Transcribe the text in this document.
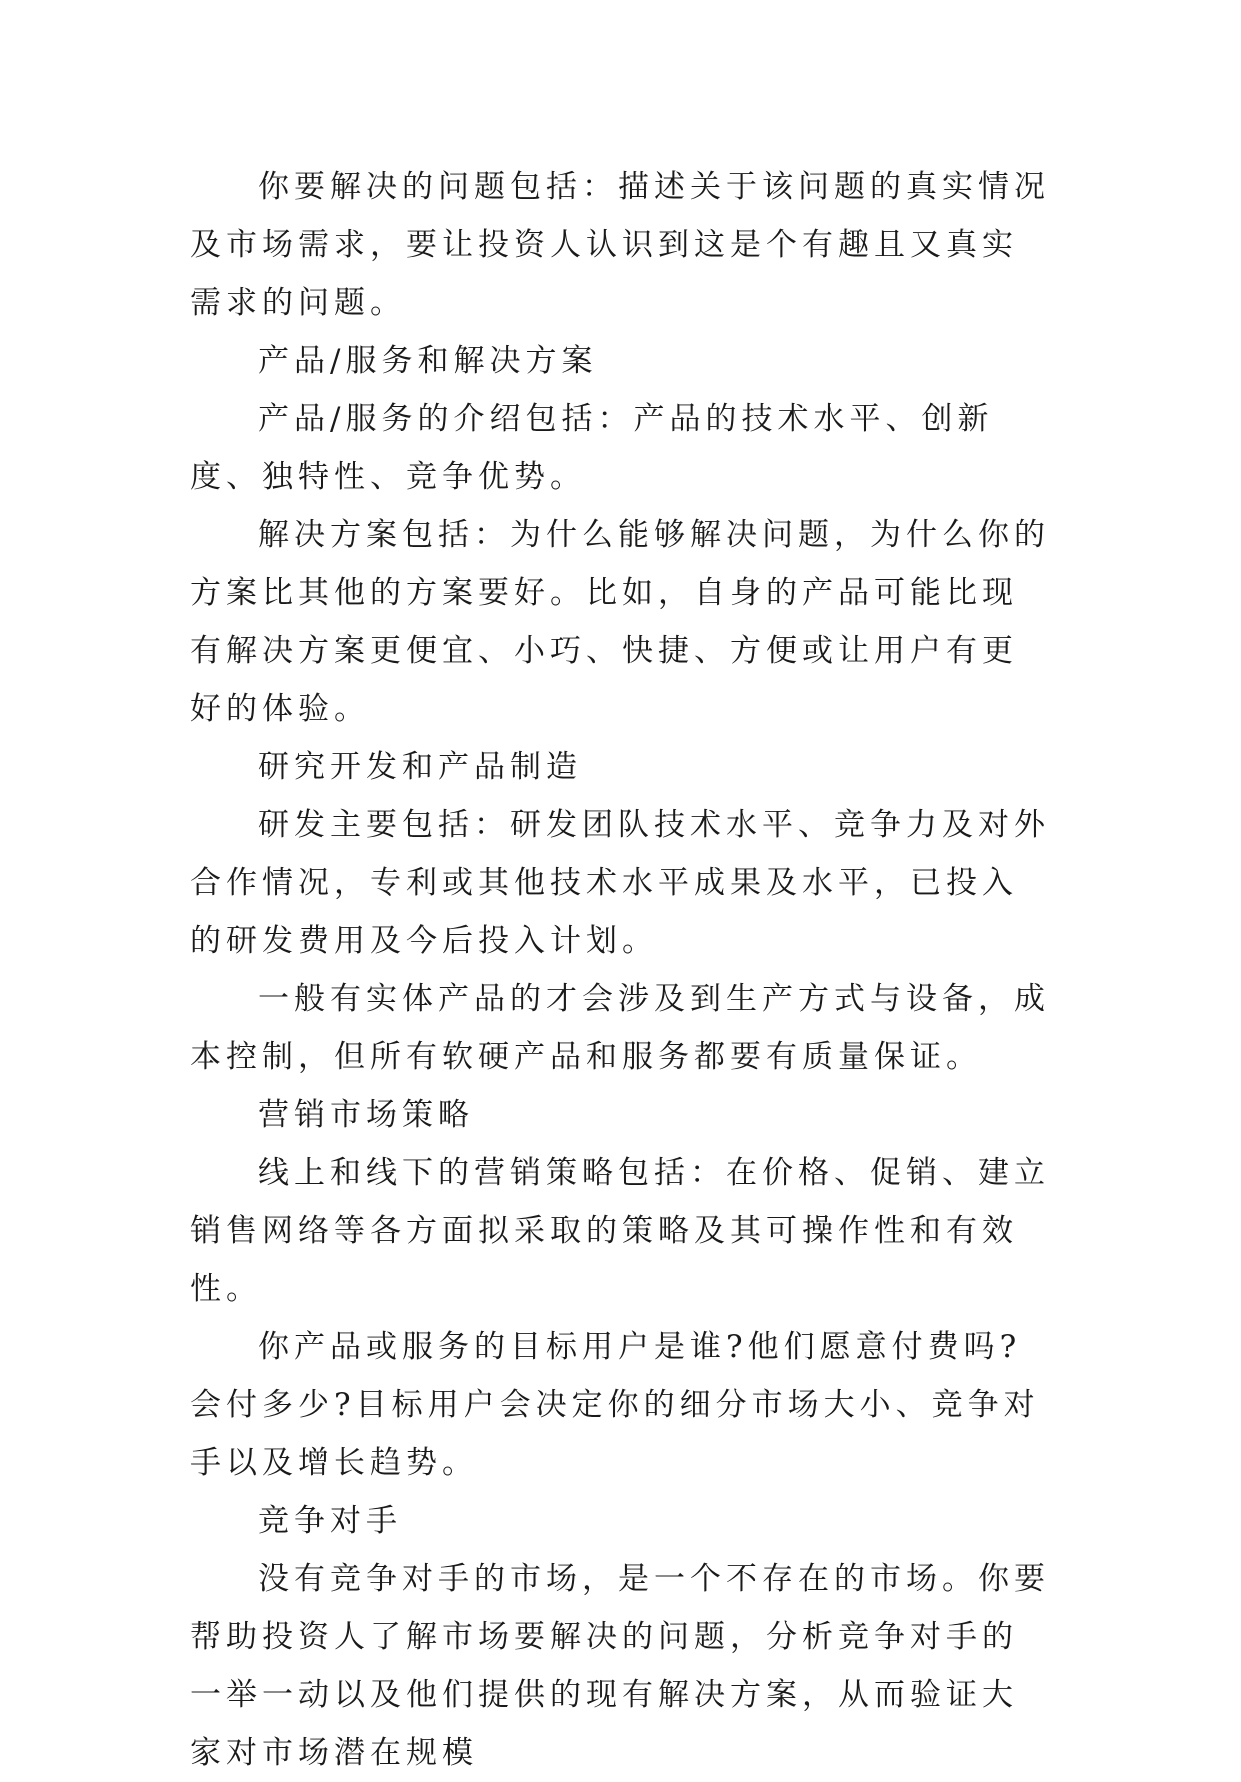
你要解决的问题包括：描述关于该问题的真实情况及市场需求，要让投资人认识到这是个有趣且又真实需求的问题。

产品/服务和解决方案

产品/服务的介绍包括：产品的技术水平、创新度、独特性、竞争优势。

解决方案包括：为什么能够解决问题，为什么你的方案比其他的方案要好。比如，自身的产品可能比现有解决方案更便宜、小巧、快捷、方便或让用户有更好的体验。

研究开发和产品制造

研发主要包括：研发团队技术水平、竞争力及对外合作情况，专利或其他技术水平成果及水平，已投入的研发费用及今后投入计划。

一般有实体产品的才会涉及到生产方式与设备，成本控制，但所有软硬产品和服务都要有质量保证。

营销市场策略

线上和线下的营销策略包括：在价格、促销、建立销售网络等各方面拟采取的策略及其可操作性和有效性。

你产品或服务的目标用户是谁?他们愿意付费吗?会付多少?目标用户会决定你的细分市场大小、竞争对手以及增长趋势。

竞争对手

没有竞争对手的市场，是一个不存在的市场。你要帮助投资人了解市场要解决的问题，分析竞争对手的一举一动以及他们提供的现有解决方案，从而验证大家对市场潜在规模
